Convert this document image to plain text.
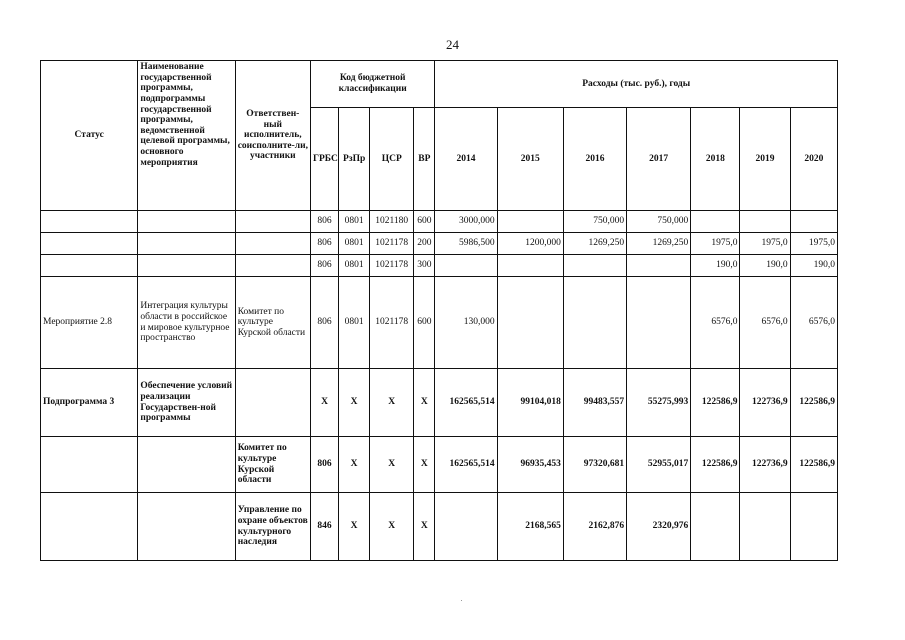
24
Статус	Наименование государственной программы, подпрограммы государственной программы, ведомственной целевой программы, основного мероприятия	Ответствен-ный исполнитель, соисполните-ли, участники	Код бюджетной классификации				Расходы (тыс. руб.), годы						
			ГРБС	РзПр	ЦСР	ВР	2014	2015	2016	2017	2018	2019	2020
			806	0801	1021180	600	3000,000		750,000	750,000			
			806	0801	1021178	200	5986,500	1200,000	1269,250	1269,250	1975,0	1975,0	1975,0
			806	0801	1021178	300					190,0	190,0	190,0
Мероприятие 2.8	Интеграция культуры области в российское и мировое культурное пространство	Комитет по культуре Курской области	806	0801	1021178	600	130,000				6576,0	6576,0	6576,0
Подпрограмма 3	Обеспечение условий реализации Государствен-ной программы		X	X	X	X	162565,514	99104,018	99483,557	55275,993	122586,9	122736,9	122586,9
		Комитет по культуре Курской области	806	X	X	X	162565,514	96935,453	97320,681	52955,017	122586,9	122736,9	122586,9
		Управление по охране объектов культурного наследия	846	X	X	X		2168,565	2162,876	2320,976			
